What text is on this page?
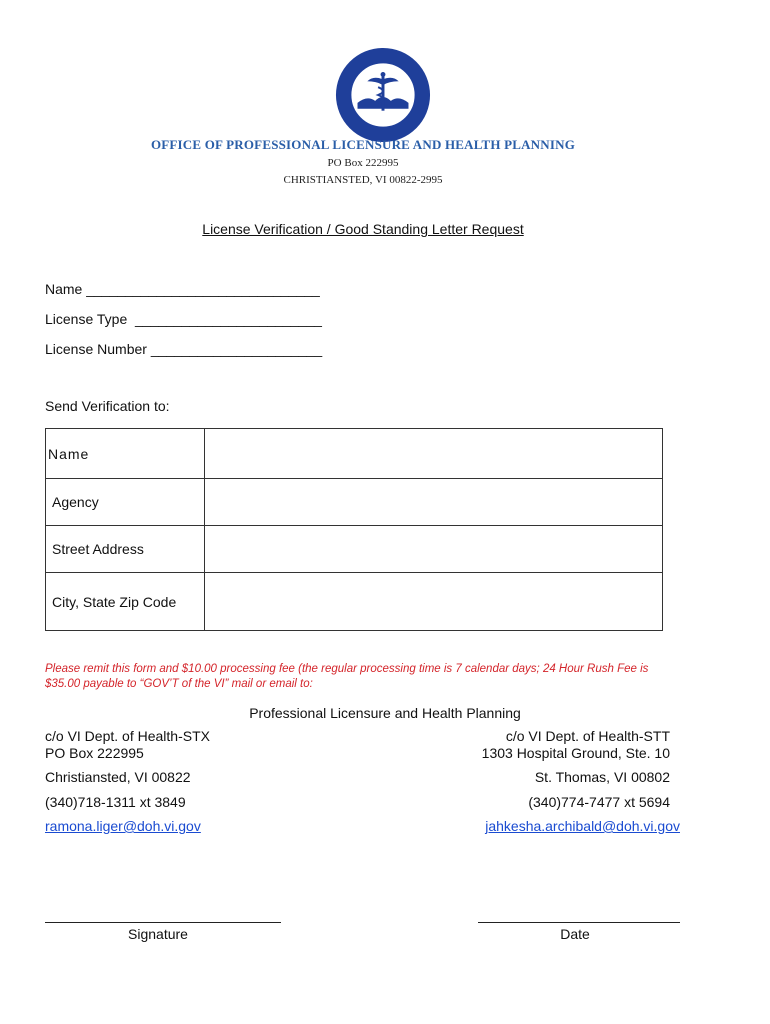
OFFICE OF PROFESSIONAL LICENSURE AND HEALTH PLANNING
PO Box 222995
CHRISTIANSTED, VI 00822-2995
License Verification / Good Standing Letter Request
Name ______________________________
License Type  ________________________
License Number ______________________
Send Verification to:
Name	
Agency	
Street Address	
City, State Zip Code	
Please remit this form and $10.00 processing fee (the regular processing time is 7 calendar days; 24 Hour Rush Fee is $35.00 payable to “GOV’T of the VI” mail or email to:
Professional Licensure and Health Planning
c/o VI Dept. of Health-STX
PO Box 222995
Christiansted, VI 00822
(340)718-1311 xt 3849
ramona.liger@doh.vi.gov
c/o VI Dept. of Health-STT
1303 Hospital Ground, Ste. 10
St. Thomas, VI 00802
(340)774-7477 xt 5694
jahkesha.archibald@doh.vi.gov
Signature	Date
